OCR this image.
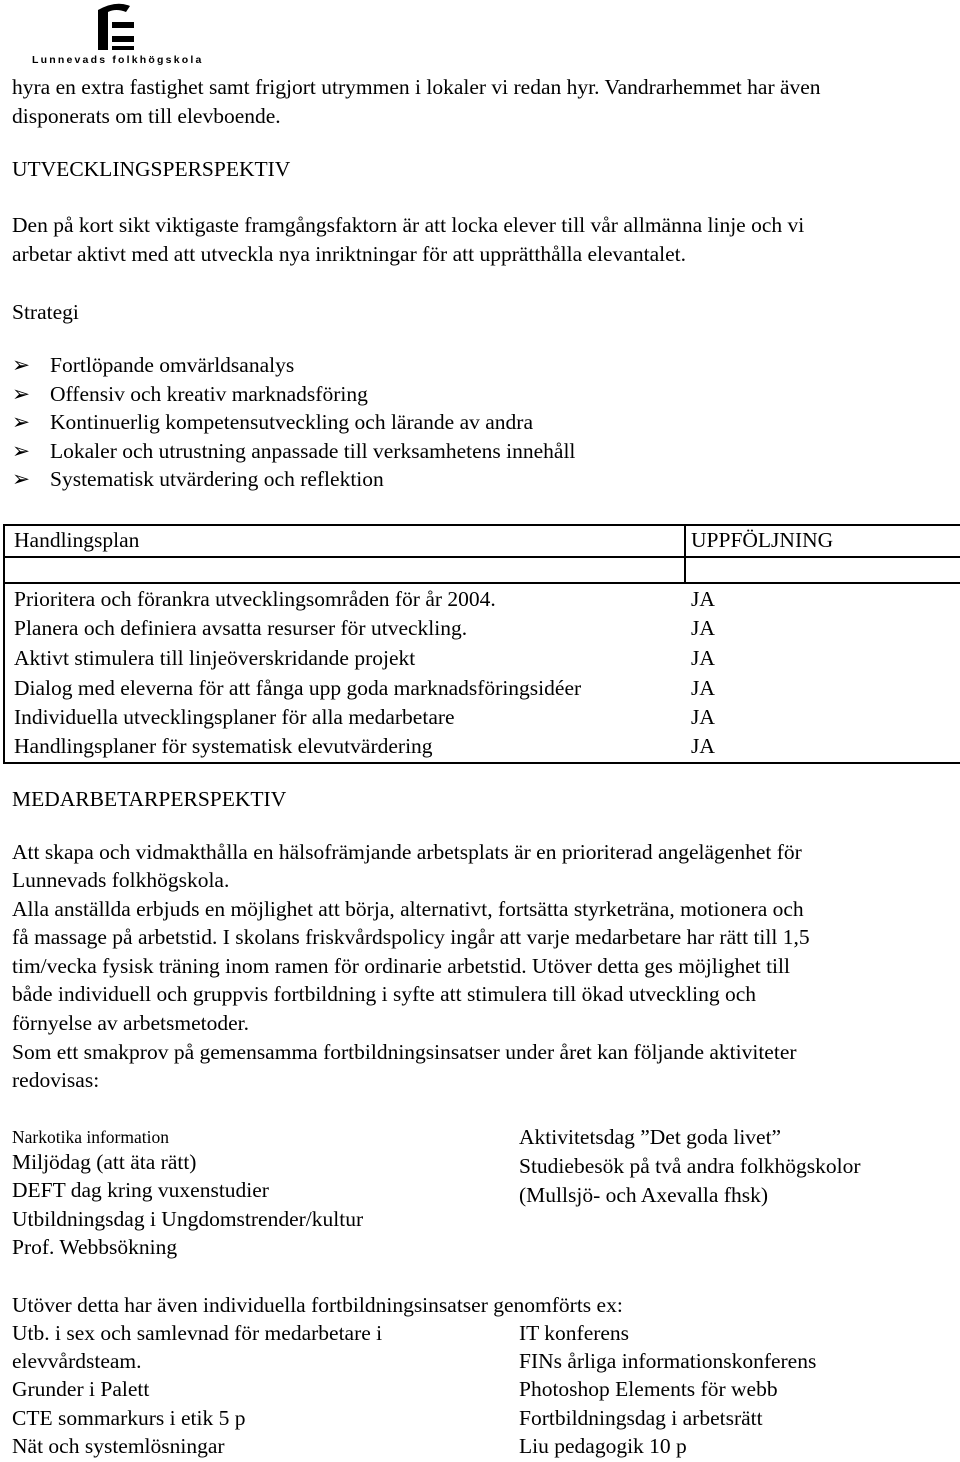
Lunnevads folkhögskola
hyra en extra fastighet samt frigjort utrymmen i lokaler vi redan hyr. Vandrarhemmet har även
disponerats om till elevboende.
UTVECKLINGSPERSPEKTIV
Den på kort sikt viktigaste framgångsfaktorn är att locka elever till vår allmänna linje och vi
arbetar aktivt med att utveckla nya inriktningar för att upprätthålla elevantalet.
Strategi
➢ Fortlöpande omvärldsanalys
➢ Offensiv och kreativ marknadsföring
➢ Kontinuerlig kompetensutveckling och lärande av andra
➢ Lokaler och utrustning anpassade till verksamhetens innehåll
➢ Systematisk utvärdering och reflektion
Handlingsplan	UPPFÖLJNING
Prioritera och förankra utvecklingsområden för år 2004.	JA
Planera och definiera avsatta resurser för utveckling.	JA
Aktivt stimulera till linjeöverskridande projekt	JA
Dialog med eleverna för att fånga upp goda marknadsföringsidéer	JA
Individuella utvecklingsplaner för alla medarbetare	JA
Handlingsplaner för systematisk elevutvärdering	JA
MEDARBETARPERSPEKTIV
Att skapa och vidmakthålla en hälsofrämjande arbetsplats är en prioriterad angelägenhet för
Lunnevads folkhögskola.
Alla anställda erbjuds en möjlighet att börja, alternativt, fortsätta styrketräna, motionera och
få massage på arbetstid. I skolans friskvårdspolicy ingår att varje medarbetare har rätt till 1,5
tim/vecka fysisk träning inom ramen för ordinarie arbetstid. Utöver detta ges möjlighet till
både individuell och gruppvis fortbildning i syfte att stimulera till ökad utveckling och
förnyelse av arbetsmetoder.
Som ett smakprov på gemensamma fortbildningsinsatser under året kan följande aktiviteter
redovisas:
Narkotika information
Miljödag (att äta rätt)
DEFT dag kring vuxenstudier
Utbildningsdag i Ungdomstrender/kultur
Prof. Webbsökning
Aktivitetsdag ”Det goda livet”
Studiebesök på två andra folkhögskolor
(Mullsjö- och Axevalla fhsk)
Utöver detta har även individuella fortbildningsinsatser genomförts ex:
Utb. i sex och samlevnad för medarbetare i
elevvårdsteam.
Grunder i Palett
CTE sommarkurs i etik 5 p
Nät och systemlösningar
IT konferens
FINs årliga informationskonferens
Photoshop Elements för webb
Fortbildningsdag i arbetsrätt
Liu pedagogik 10 p
